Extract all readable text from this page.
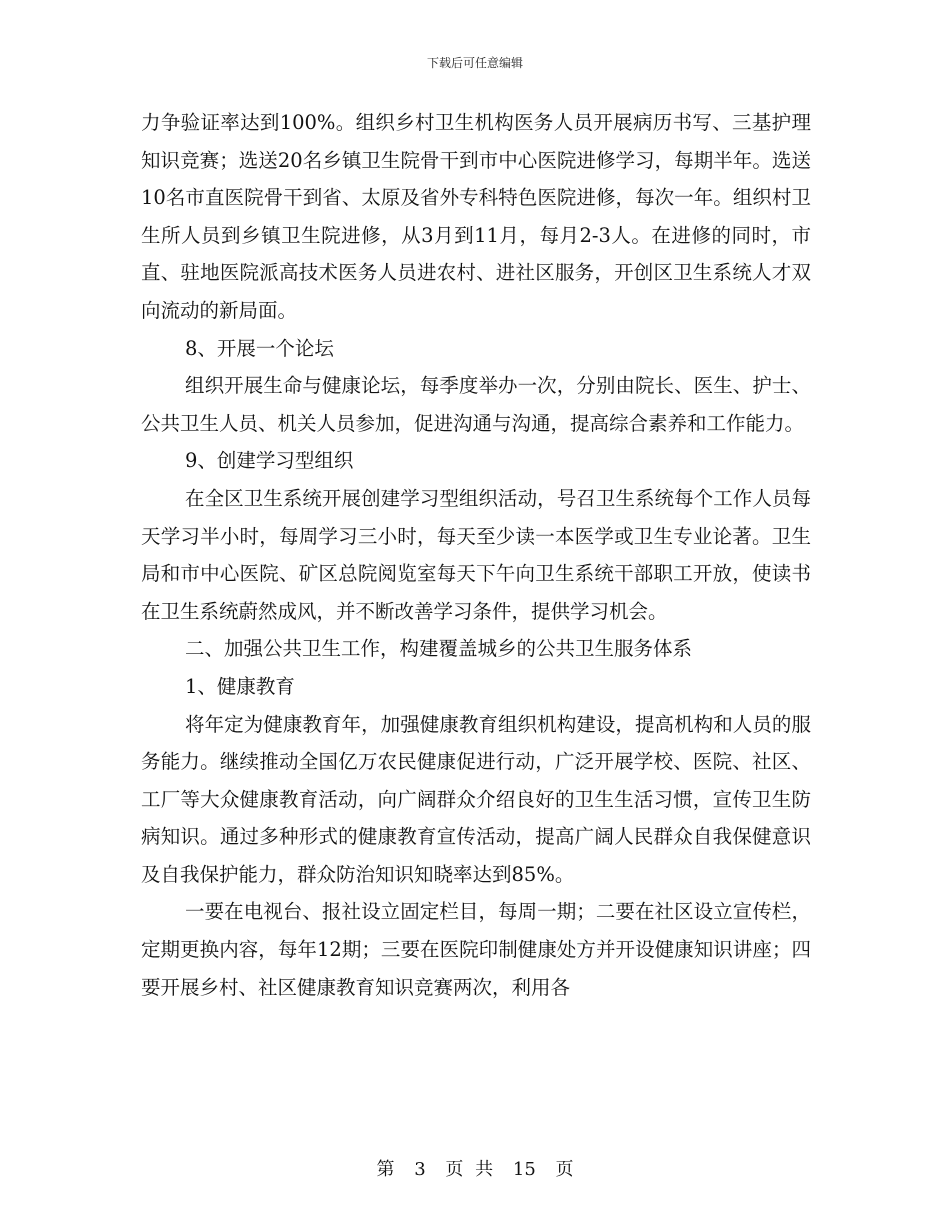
下载后可任意编辑

力争验证率达到100%。组织乡村卫生机构医务人员开展病历书写、三基护理知识竞赛；选送20名乡镇卫生院骨干到市中心医院进修学习，每期半年。选送10名市直医院骨干到省、太原及省外专科特色医院进修，每次一年。组织村卫生所人员到乡镇卫生院进修，从3月到11月，每月2-3人。在进修的同时，市直、驻地医院派高技术医务人员进农村、进社区服务，开创区卫生系统人才双向流动的新局面。

8、开展一个论坛

组织开展生命与健康论坛，每季度举办一次，分别由院长、医生、护士、公共卫生人员、机关人员参加，促进沟通与沟通，提高综合素养和工作能力。

9、创建学习型组织

在全区卫生系统开展创建学习型组织活动，号召卫生系统每个工作人员每天学习半小时，每周学习三小时，每天至少读一本医学或卫生专业论著。卫生局和市中心医院、矿区总院阅览室每天下午向卫生系统干部职工开放，使读书在卫生系统蔚然成风，并不断改善学习条件，提供学习机会。

二、加强公共卫生工作，构建覆盖城乡的公共卫生服务体系

1、健康教育

将年定为健康教育年，加强健康教育组织机构建设，提高机构和人员的服务能力。继续推动全国亿万农民健康促进行动，广泛开展学校、医院、社区、工厂等大众健康教育活动，向广阔群众介绍良好的卫生生活习惯，宣传卫生防病知识。通过多种形式的健康教育宣传活动，提高广阔人民群众自我保健意识及自我保护能力，群众防治知识知晓率达到85%。

一要在电视台、报社设立固定栏目，每周一期；二要在社区设立宣传栏，定期更换内容，每年12期；三要在医院印制健康处方并开设健康知识讲座；四要开展乡村、社区健康教育知识竞赛两次，利用各

第 3 页 共 15 页
